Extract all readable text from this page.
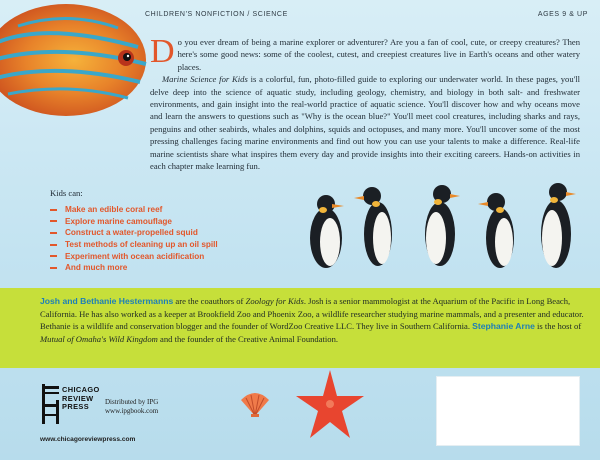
CHILDREN'S NONFICTION / SCIENCE	AGES 9 & UP

D o you ever dream of being a marine explorer or adventurer? Are you a fan of cool, cute, or creepy creatures? Then here's some good news: some of the coolest, cutest, and creepiest creatures live in Earth's oceans and other watery places.

Marine Science for Kids is a colorful, fun, photo-filled guide to exploring our underwater world. In these pages, you'll delve deep into the science of aquatic study, including geology, chemistry, and biology in both salt- and freshwater environments, and gain insight into the real-world practice of aquatic science. You'll discover how and why oceans move and learn the answers to questions such as "Why is the ocean blue?" You'll meet cool creatures, including sharks and rays, penguins and other seabirds, whales and dolphins, squids and octopuses, and many more. You'll uncover some of the most pressing challenges facing marine environments and find out how you can use your talents to make a difference. Real-life marine scientists share what inspires them every day and provide insights into their exciting careers. Hands-on activities in each chapter make learning fun.

Kids can:
Make an edible coral reef
Explore marine camouflage
Construct a water-propelled squid
Test methods of cleaning up an oil spill
Experiment with ocean acidification
And much more
Josh and Bethanie Hestermanns are the coauthors of Zoology for Kids. Josh is a senior mammologist at the Aquarium of the Pacific in Long Beach, California. He has also worked as a keeper at Brookfield Zoo and Phoenix Zoo, a wildlife researcher studying marine mammals, and a presenter and educator. Bethanie is a wildlife and conservation blogger and the founder of WordZoo Creative LLC. They live in Southern California. Stephanie Arne is the host of Mutual of Omaha's Wild Kingdom and the founder of the Creative Animal Foundation.
CHICAGO
REVIEW
PRESS
Distributed by IPG
www.ipgbook.com
www.chicagoreviewpress.com
